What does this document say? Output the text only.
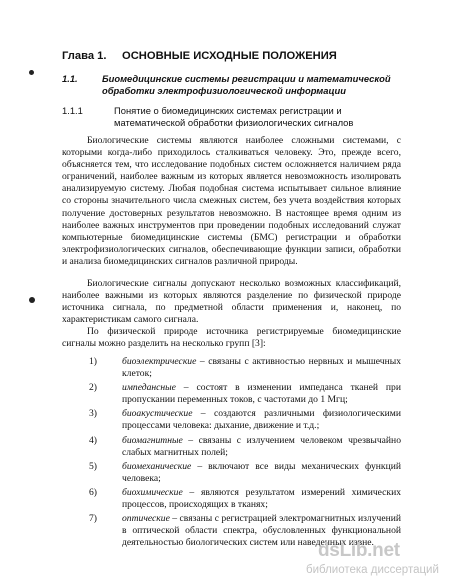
Глава 1. ОСНОВНЫЕ ИСХОДНЫЕ ПОЛОЖЕНИЯ
1.1.	Биомедицинские системы регистрации и математической обработки электрофизиологической информации
1.1.1	Понятие о биомедицинских системах регистрации и математической обработки физиологических сигналов

Биологические системы являются наиболее сложными системами, с которыми когда-либо приходилось сталкиваться человеку. Это, прежде всего, объясняется тем, что исследование подобных систем осложняется наличием ряда ограничений, наиболее важным из которых является невозможность изолировать анализируемую систему. Любая подобная система испытывает сильное влияние со стороны значительного числа смежных систем, без учета воздействия которых получение достоверных результатов невозможно. В настоящее время одним из наиболее важных инструментов при проведении подобных исследований служат компьютерные биомедицинские системы (БМС) регистрации и обработки электрофизиологических сигналов, обеспечивающие функции записи, обработки и анализа биомедицинских сигналов различной природы.

Биологические сигналы допускают несколько возможных классификаций, наиболее важными из которых являются разделение по физической природе источника сигнала, по предметной области применения и, наконец, по характеристикам самого сигнала.

По физической природе источника регистрируемые биомедицинские сигналы можно разделить на несколько групп [3]:

1)	биоэлектрические – связаны с активностью нервных и мышечных клеток;
2)	импедансные – состоят в изменении импеданса тканей при пропускании переменных токов, с частотами до 1 Мгц;
3)	биоакустические – создаются различными физиологическими процессами человека: дыхание, движение и т.д.;
4)	биомагнитные – связаны с излучением человеком чрезвычайно слабых магнитных полей;
5)	биомеханические – включают все виды механических функций человека;
6)	биохимические – являются результатом измерений химических процессов, происходящих в тканях;
7)	оптические – связаны с регистрацией электромагнитных излучений в оптической области спектра, обусловленных функциональной деятельностью биологических систем или наведенных извне.
dsLib.net
библиотека диссертаций
